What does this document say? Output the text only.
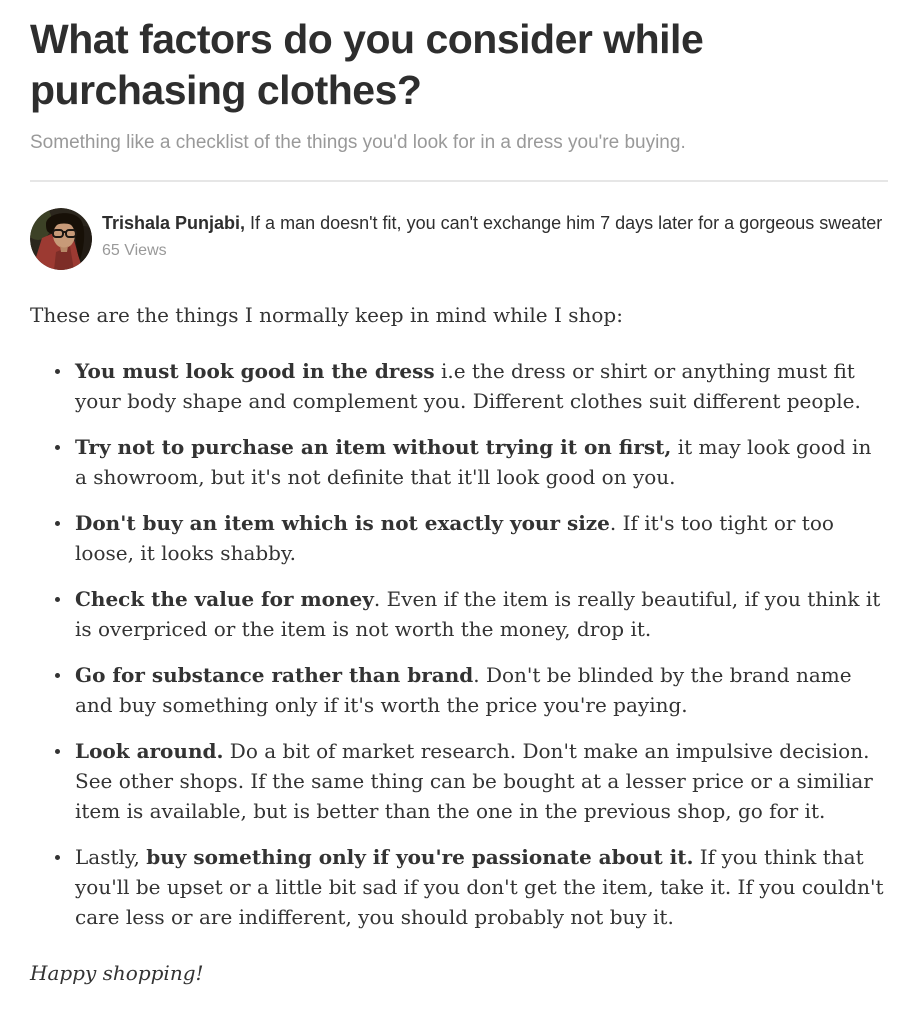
What factors do you consider while purchasing clothes?

Something like a checklist of the things you'd look for in a dress you're buying.

Trishala Punjabi, If a man doesn't fit, you can't exchange him 7 days later for a gorgeous sweater

65 Views

These are the things I normally keep in mind while I shop:

You must look good in the dress i.e the dress or shirt or anything must fit your body shape and complement you. Different clothes suit different people.
Try not to purchase an item without trying it on first, it may look good in a showroom, but it's not definite that it'll look good on you.
Don't buy an item which is not exactly your size. If it's too tight or too loose, it looks shabby.
Check the value for money. Even if the item is really beautiful, if you think it is overpriced or the item is not worth the money, drop it.
Go for substance rather than brand. Don't be blinded by the brand name and buy something only if it's worth the price you're paying.
Look around. Do a bit of market research. Don't make an impulsive decision. See other shops. If the same thing can be bought at a lesser price or a similiar item is available, but is better than the one in the previous shop, go for it.
Lastly, buy something only if you're passionate about it. If you think that you'll be upset or a little bit sad if you don't get the item, take it. If you couldn't care less or are indifferent, you should probably not buy it.

Happy shopping!
